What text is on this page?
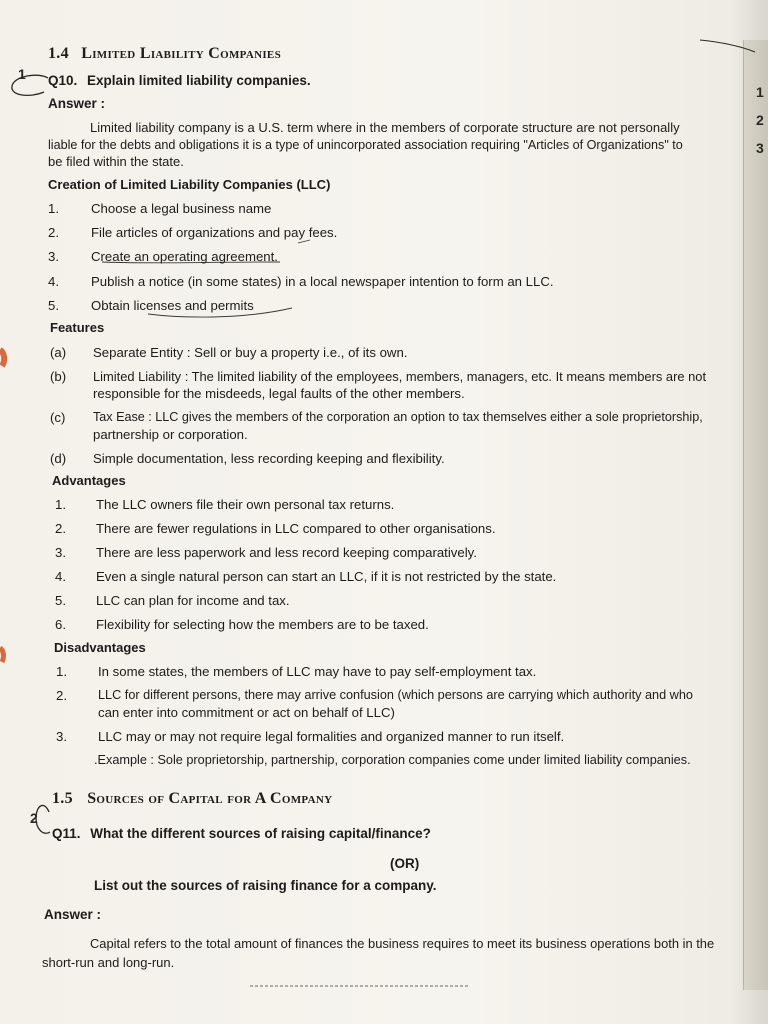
1
2
3
1
2
1.4 Limited Liability Companies
Q10. Explain limited liability companies.
Answer :
Limited liability company is a U.S. term where in the members of corporate structure are not personally
liable for the debts and obligations it is a type of unincorporated association requiring "Articles of Organizations" to
be filed within the state.
Creation of Limited Liability Companies (LLC)
1. Choose a legal business name
2. File articles of organizations and pay fees.
3. Create an operating agreement.
4. Publish a notice (in some states) in a local newspaper intention to form an LLC.
5. Obtain licenses and permits
Features
(a) Separate Entity : Sell or buy a property i.e., of its own.
(b) Limited Liability : The limited liability of the employees, members, managers, etc. It means members are not
responsible for the misdeeds, legal faults of the other members.
(c) Tax Ease : LLC gives the members of the corporation an option to tax themselves either a sole proprietorship,
partnership or corporation.
(d) Simple documentation, less recording keeping and flexibility.
Advantages
1. The LLC owners file their own personal tax returns.
2. There are fewer regulations in LLC compared to other organisations.
3. There are less paperwork and less record keeping comparatively.
4. Even a single natural person can start an LLC, if it is not restricted by the state.
5. LLC can plan for income and tax.
6. Flexibility for selecting how the members are to be taxed.
Disadvantages
1. In some states, the members of LLC may have to pay self-employment tax.
2. LLC for different persons, there may arrive confusion (which persons are carrying which authority and who
can enter into commitment or act on behalf of LLC)
3. LLC may or may not require legal formalities and organized manner to run itself.
.Example : Sole proprietorship, partnership, corporation companies come under limited liability companies.
1.5 Sources of Capital for A Company
Q11. What the different sources of raising capital/finance?
(OR)
List out the sources of raising finance for a company.
Answer :
Capital refers to the total amount of finances the business requires to meet its business operations both in the
short-run and long-run.
